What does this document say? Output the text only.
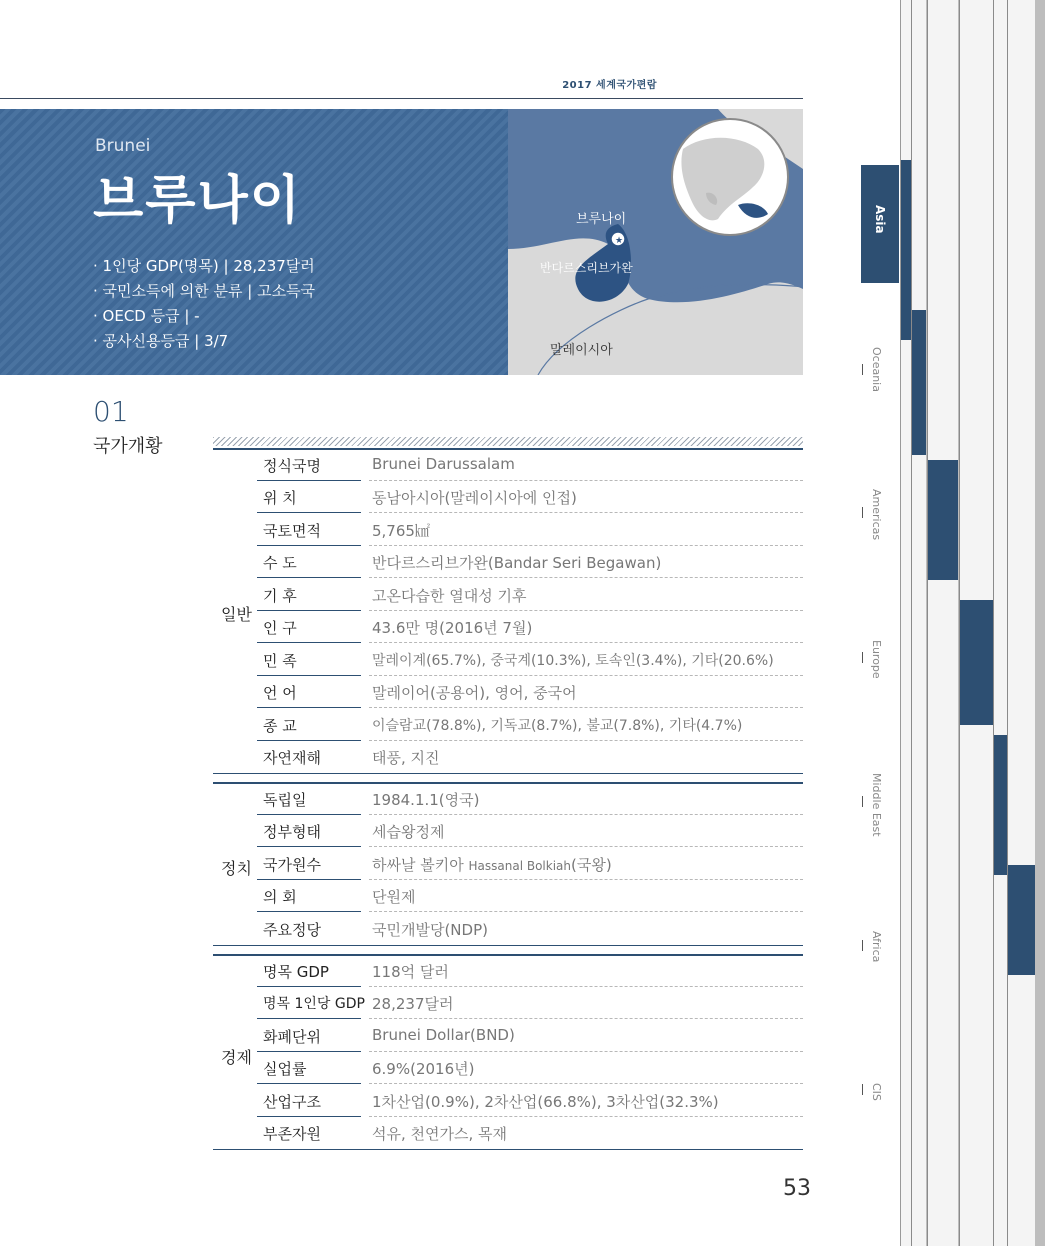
2017 세계국가편람
Brunei
브루나이
· 1인당 GDP(명목) | 28,237달러
· 국민소득에 의한 분류 | 고소득국
· OECD 등급 | -
· 공사신용등급 | 3/7
★
브루나이
반다르스리브가완
말레이시아
Asia
Oceania
Americas
Europe
Middle East
Africa
CIS
01
국가개황
일반
정식국명	Brunei Darussalam
위 치	동남아시아(말레이시아에 인접)
국토면적	5,765㎢
수 도	반다르스리브가완(Bandar Seri Begawan)
기 후	고온다습한 열대성 기후
인 구	43.6만 명(2016년 7월)
민 족	말레이계(65.7%), 중국계(10.3%), 토속인(3.4%), 기타(20.6%)
언 어	말레이어(공용어), 영어, 중국어
종 교	이슬람교(78.8%), 기독교(8.7%), 불교(7.8%), 기타(4.7%)
자연재해	태풍, 지진
정치
독립일	1984.1.1(영국)
정부형태	세습왕정제
국가원수	하싸날 볼키아 Hassanal Bolkiah(국왕)
의 회	단원제
주요정당	국민개발당(NDP)
경제
명목 GDP	118억 달러
명목 1인당 GDP 28,237달러
화폐단위	Brunei Dollar(BND)
실업률	6.9%(2016년)
산업구조	1차산업(0.9%), 2차산업(66.8%), 3차산업(32.3%)
부존자원	석유, 천연가스, 목재
53
